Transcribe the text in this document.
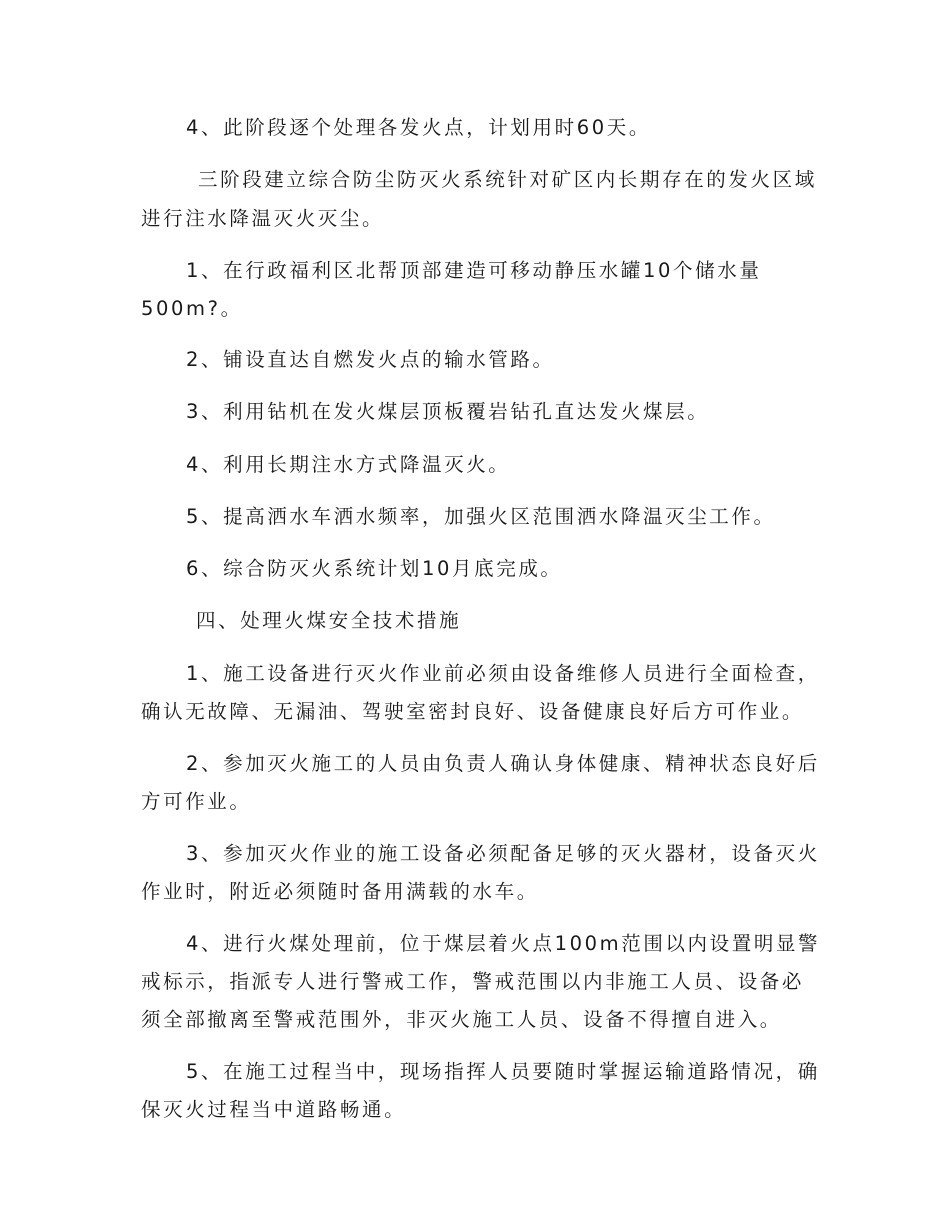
4、此阶段逐个处理各发火点，计划用时60天。
三阶段建立综合防尘防灭火系统针对矿区内长期存在的发火区域
进行注水降温灭火灭尘。
1、在行政福利区北帮顶部建造可移动静压水罐10个储水量
500m?。
2、铺设直达自燃发火点的输水管路。
3、利用钻机在发火煤层顶板覆岩钻孔直达发火煤层。
4、利用长期注水方式降温灭火。
5、提高洒水车洒水频率，加强火区范围洒水降温灭尘工作。
6、综合防灭火系统计划10月底完成。
四、处理火煤安全技术措施
1、施工设备进行灭火作业前必须由设备维修人员进行全面检查，
确认无故障、无漏油、驾驶室密封良好、设备健康良好后方可作业。
2、参加灭火施工的人员由负责人确认身体健康、精神状态良好后
方可作业。
3、参加灭火作业的施工设备必须配备足够的灭火器材，设备灭火
作业时，附近必须随时备用满载的水车。
4、进行火煤处理前，位于煤层着火点100m范围以内设置明显警
戒标示，指派专人进行警戒工作，警戒范围以内非施工人员、设备必
须全部撤离至警戒范围外，非灭火施工人员、设备不得擅自进入。
5、在施工过程当中，现场指挥人员要随时掌握运输道路情况，确
保灭火过程当中道路畅通。
